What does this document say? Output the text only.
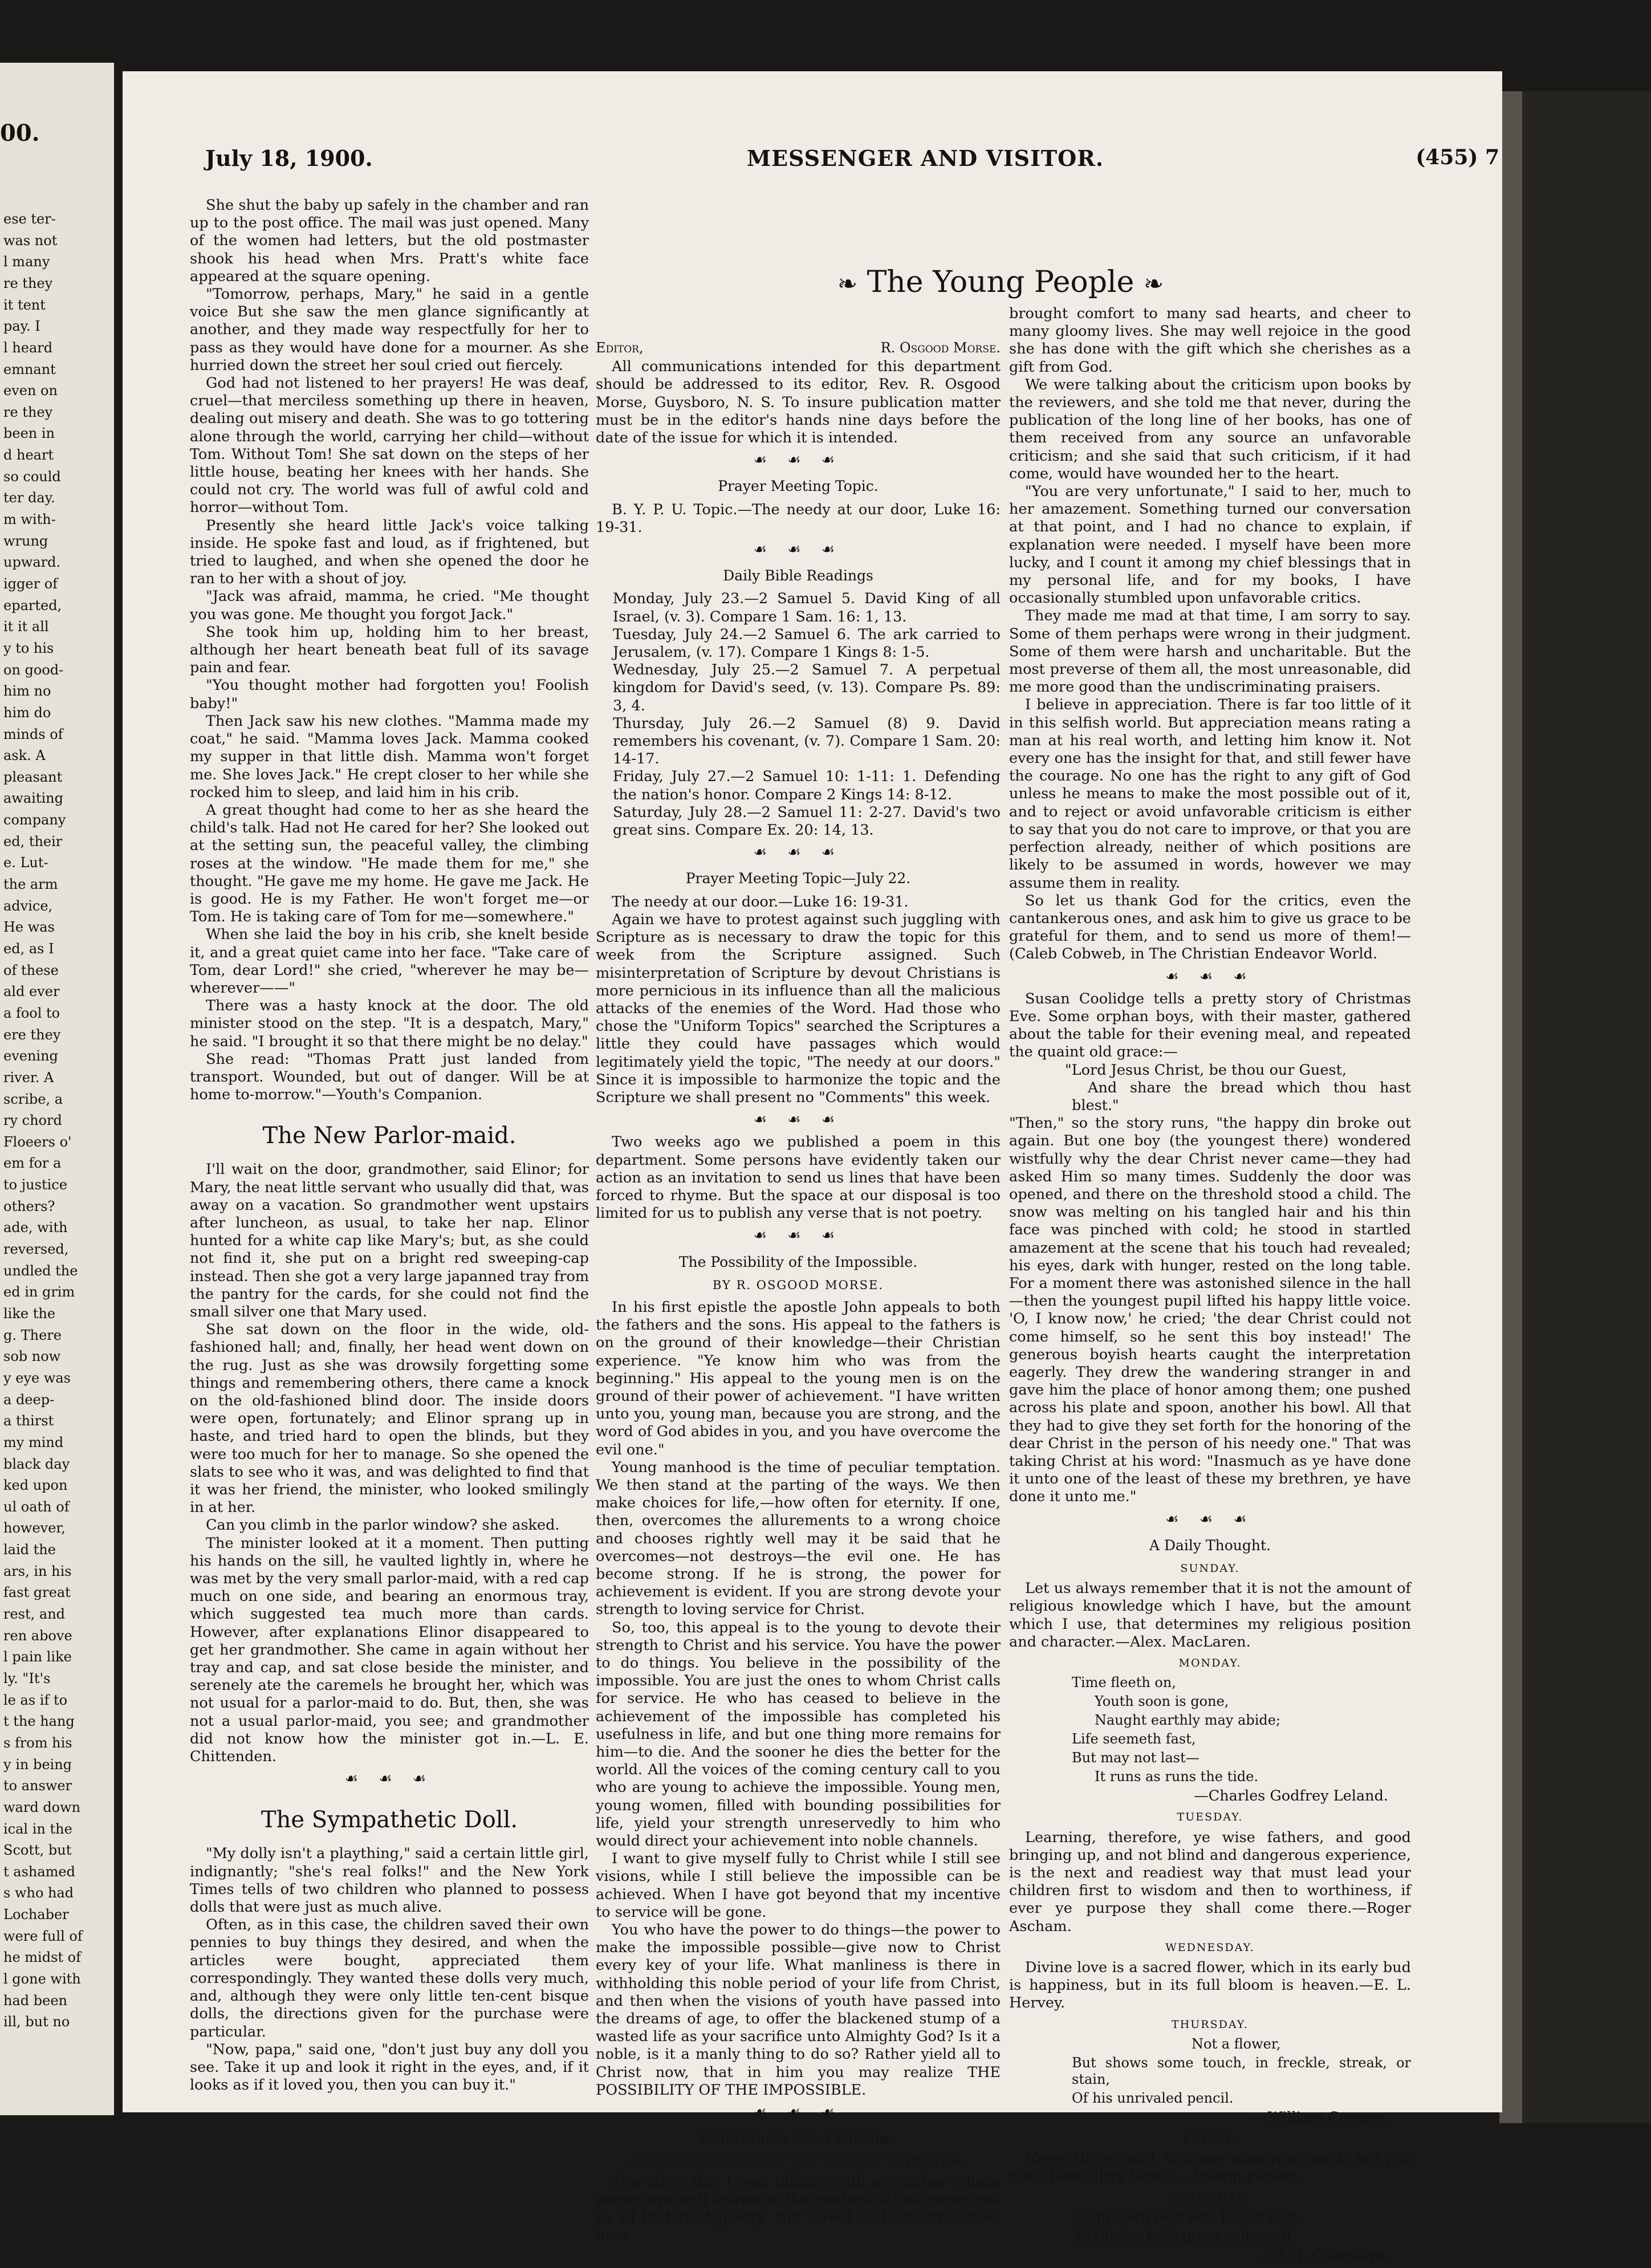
00.
ese ter-
was not
l many
re they
it tent
pay. I
l heard
emnant
even on
re they
been in
d heart
so could
ter day.
m with-
wrung
upward.
igger of
eparted,
it it all
y to his
on good-
him no
him do
minds of
ask. A
pleasant
awaiting
company
ed, their
e. Lut-
the arm
advice,
He was
ed, as I
of these
ald ever
a fool to
ere they
evening
river. A
scribe, a
ry chord
Floeers o'
em for a
to justice
others?
ade, with
reversed,
undled the
ed in grim
like the
g. There
sob now
y eye was
a deep-
a thirst
my mind
black day
ked upon
ul oath of
however,
laid the
ars, in his
fast great
rest, and
ren above
l pain like
ly. "It's
le as if to
t the hang
s from his
y in being
to answer
ward down
ical in the
Scott, but
t ashamed
s who had
Lochaber
were full of
he midst of
l gone with
had been
ill, but no
July 18, 1900.	MESSENGER AND VISITOR.	(455) 7
❧ The Young People ❧

She shut the baby up safely in the chamber and ran up to the post office. The mail was just opened. Many of the women had letters, but the old postmaster shook his head when Mrs. Pratt's white face appeared at the square opening.

"Tomorrow, perhaps, Mary," he said in a gentle voice But she saw the men glance significantly at another, and they made way respectfully for her to pass as they would have done for a mourner. As she hurried down the street her soul cried out fiercely.

God had not listened to her prayers! He was deaf, cruel—that merciless something up there in heaven, dealing out misery and death. She was to go tottering alone through the world, carrying her child—without Tom. Without Tom! She sat down on the steps of her little house, beating her knees with her hands. She could not cry. The world was full of awful cold and horror—without Tom.

Presently she heard little Jack's voice talking inside. He spoke fast and loud, as if frightened, but tried to laughed, and when she opened the door he ran to her with a shout of joy.

"Jack was afraid, mamma, he cried. "Me thought you was gone. Me thought you forgot Jack."

She took him up, holding him to her breast, although her heart beneath beat full of its savage pain and fear.

"You thought mother had forgotten you! Foolish baby!"

Then Jack saw his new clothes. "Mamma made my coat," he said. "Mamma loves Jack. Mamma cooked my supper in that little dish. Mamma won't forget me. She loves Jack." He crept closer to her while she rocked him to sleep, and laid him in his crib.

A great thought had come to her as she heard the child's talk. Had not He cared for her? She looked out at the setting sun, the peaceful valley, the climbing roses at the window. "He made them for me," she thought. "He gave me my home. He gave me Jack. He is good. He is my Father. He won't forget me—or Tom. He is taking care of Tom for me—somewhere."

When she laid the boy in his crib, she knelt beside it, and a great quiet came into her face. "Take care of Tom, dear Lord!" she cried, "wherever he may be—wherever——"

There was a hasty knock at the door. The old minister stood on the step. "It is a despatch, Mary," he said. "I brought it so that there might be no delay."

She read: "Thomas Pratt just landed from transport. Wounded, but out of danger. Will be at home to-morrow."—Youth's Companion.

The New Parlor-maid.

I'll wait on the door, grandmother, said Elinor; for Mary, the neat little servant who usually did that, was away on a vacation. So grandmother went upstairs after luncheon, as usual, to take her nap. Elinor hunted for a white cap like Mary's; but, as she could not find it, she put on a bright red sweeping-cap instead. Then she got a very large japanned tray from the pantry for the cards, for she could not find the small silver one that Mary used.

She sat down on the floor in the wide, old-fashioned hall; and, finally, her head went down on the rug. Just as she was drowsily forgetting some things and remembering others, there came a knock on the old-fashioned blind door. The inside doors were open, fortunately; and Elinor sprang up in haste, and tried hard to open the blinds, but they were too much for her to manage. So she opened the slats to see who it was, and was delighted to find that it was her friend, the minister, who looked smilingly in at her.

Can you climb in the parlor window? she asked.

The minister looked at it a moment. Then putting his hands on the sill, he vaulted lightly in, where he was met by the very small parlor-maid, with a red cap much on one side, and bearing an enormous tray, which suggested tea much more than cards. However, after explanations Elinor disappeared to get her grandmother. She came in again without her tray and cap, and sat close beside the minister, and serenely ate the caremels he brought her, which was not usual for a parlor-maid to do. But, then, she was not a usual parlor-maid, you see; and grandmother did not know how the minister got in.—L. E. Chittenden.

☙ ☙ ☙
The Sympathetic Doll.

"My dolly isn't a plaything," said a certain little girl, indignantly; "she's real folks!" and the New York Times tells of two children who planned to possess dolls that were just as much alive.

Often, as in this case, the children saved their own pennies to buy things they desired, and when the articles were bought, appreciated them correspondingly. They wanted these dolls very much, and, although they were only little ten-cent bisque dolls, the directions given for the purchase were particular.

"Now, papa," said one, "don't just buy any doll you see. Take it up and look it right in the eyes, and, if it looks as if it loved you, then you can buy it."

Editor,	R. Osgood Morse.

All communications intended for this department should be addressed to its editor, Rev. R. Osgood Morse, Guysboro, N. S. To insure publication matter must be in the editor's hands nine days before the date of the issue for which it is intended.

☙ ☙ ☙
Prayer Meeting Topic.

B. Y. P. U. Topic.—The needy at our door, Luke 16: 19-31.

☙ ☙ ☙
Daily Bible Readings

Monday, July 23.—2 Samuel 5. David King of all Israel, (v. 3). Compare 1 Sam. 16: 1, 13.

Tuesday, July 24.—2 Samuel 6. The ark carried to Jerusalem, (v. 17). Compare 1 Kings 8: 1-5.

Wednesday, July 25.—2 Samuel 7. A perpetual kingdom for David's seed, (v. 13). Compare Ps. 89: 3, 4.

Thursday, July 26.—2 Samuel (8) 9. David remembers his covenant, (v. 7). Compare 1 Sam. 20: 14-17.

Friday, July 27.—2 Samuel 10: 1-11: 1. Defending the nation's honor. Compare 2 Kings 14: 8-12.

Saturday, July 28.—2 Samuel 11: 2-27. David's two great sins. Compare Ex. 20: 14, 13.

☙ ☙ ☙
Prayer Meeting Topic—July 22.

The needy at our door.—Luke 16: 19-31.

Again we have to protest against such juggling with Scripture as is necessary to draw the topic for this week from the Scripture assigned. Such misinterpretation of Scripture by devout Christians is more pernicious in its influence than all the malicious attacks of the enemies of the Word. Had those who chose the "Uniform Topics" searched the Scriptures a little they could have passages which would legitimately yield the topic, "The needy at our doors." Since it is impossible to harmonize the topic and the Scripture we shall present no "Comments" this week.

☙ ☙ ☙

Two weeks ago we published a poem in this department. Some persons have evidently taken our action as an invitation to send us lines that have been forced to rhyme. But the space at our disposal is too limited for us to publish any verse that is not poetry.

☙ ☙ ☙
The Possibility of the Impossible.
BY R. OSGOOD MORSE.

In his first epistle the apostle John appeals to both the fathers and the sons. His appeal to the fathers is on the ground of their knowledge—their Christian experience. "Ye know him who was from the beginning." His appeal to the young men is on the ground of their power of achievement. "I have written unto you, young man, because you are strong, and the word of God abides in you, and you have overcome the evil one."

Young manhood is the time of peculiar temptation. We then stand at the parting of the ways. We then make choices for life,—how often for eternity. If one, then, overcomes the allurements to a wrong choice and chooses rightly well may it be said that he overcomes—not destroys—the evil one. He has become strong. If he is strong, the power for achievement is evident. If you are strong devote your strength to loving service for Christ.

So, too, this appeal is to the young to devote their strength to Christ and his service. You have the power to do things. You believe in the possibility of the impossible. You are just the ones to whom Christ calls for service. He who has ceased to believe in the achievement of the impossible has completed his usefulness in life, and but one thing more remains for him—to die. And the sooner he dies the better for the world. All the voices of the coming century call to you who are young to achieve the impossible. Young men, young women, filled with bounding possibilities for life, yield your strength unreservedly to him who would direct your achievement into noble channels.

I want to give myself fully to Christ while I still see visions, while I still believe the impossible can be achieved. When I have got beyond that my incentive to service will be gone.

You who have the power to do things—the power to make the impossible possible—give now to Christ every key of your life. What manliness is there in withholding this noble period of your life from Christ, and then when the visions of youth have passed into the dreams of age, to offer the blackened stump of a wasted life as your sacrifice unto Almighty God? Is it a noble, is it a manly thing to do so? Rather yield all to Christ now, that in him you may realize THE POSSIBILITY OF THE IMPOSSIBLE.

☙ ☙ ☙
Unfortunate Good Fortune.
CALEB MORALIZES ON THE USES OF CRITICISM.

The other day I was talking with an author whose poems are well known to the readers of this paper and to all that read poetry. Her sweet and sincere verses have

brought comfort to many sad hearts, and cheer to many gloomy lives. She may well rejoice in the good she has done with the gift which she cherishes as a gift from God.

We were talking about the criticism upon books by the reviewers, and she told me that never, during the publication of the long line of her books, has one of them received from any source an unfavorable criticism; and she said that such criticism, if it had come, would have wounded her to the heart.

"You are very unfortunate," I said to her, much to her amazement. Something turned our conversation at that point, and I had no chance to explain, if explanation were needed. I myself have been more lucky, and I count it among my chief blessings that in my personal life, and for my books, I have occasionally stumbled upon unfavorable critics.

They made me mad at that time, I am sorry to say. Some of them perhaps were wrong in their judgment. Some of them were harsh and uncharitable. But the most preverse of them all, the most unreasonable, did me more good than the undiscriminating praisers.

I believe in appreciation. There is far too little of it in this selfish world. But appreciation means rating a man at his real worth, and letting him know it. Not every one has the insight for that, and still fewer have the courage. No one has the right to any gift of God unless he means to make the most possible out of it, and to reject or avoid unfavorable criticism is either to say that you do not care to improve, or that you are perfection already, neither of which positions are likely to be assumed in words, however we may assume them in reality.

So let us thank God for the critics, even the cantankerous ones, and ask him to give us grace to be grateful for them, and to send us more of them!—(Caleb Cobweb, in The Christian Endeavor World.

☙ ☙ ☙

Susan Coolidge tells a pretty story of Christmas Eve. Some orphan boys, with their master, gathered about the table for their evening meal, and repeated the quaint old grace:—

"Lord Jesus Christ, be thou our Guest,

And share the bread which thou hast blest."

"Then," so the story runs, "the happy din broke out again. But one boy (the youngest there) wondered wistfully why the dear Christ never came—they had asked Him so many times. Suddenly the door was opened, and there on the threshold stood a child. The snow was melting on his tangled hair and his thin face was pinched with cold; he stood in startled amazement at the scene that his touch had revealed; his eyes, dark with hunger, rested on the long table. For a moment there was astonished silence in the hall—then the youngest pupil lifted his happy little voice. 'O, I know now,' he cried; 'the dear Christ could not come himself, so he sent this boy instead!' The generous boyish hearts caught the interpretation eagerly. They drew the wandering stranger in and gave him the place of honor among them; one pushed across his plate and spoon, another his bowl. All that they had to give they set forth for the honoring of the dear Christ in the person of his needy one." That was taking Christ at his word: "Inasmuch as ye have done it unto one of the least of these my brethren, ye have done it unto me."

☙ ☙ ☙
A Daily Thought.
SUNDAY.

Let us always remember that it is not the amount of religious knowledge which I have, but the amount which I use, that determines my religious position and character.—Alex. MacLaren.

MONDAY.
Time fleeth on,
Youth soon is gone,
Naught earthly may abide;
Life seemeth fast,
But may not last—
It runs as runs the tide.
—Charles Godfrey Leland.
TUESDAY.

Learning, therefore, ye wise fathers, and good bringing up, and not blind and dangerous experience, is the next and readiest way that must lead your children first to wisdom and then to worthiness, if ever ye purpose they shall come there.—Roger Ascham.

WEDNESDAY.

Divine love is a sacred flower, which in its early bud is happiness, but in its full bloom is heaven.—E. L. Hervey.

THURSDAY.
Not a flower,
But shows some touch, in freckle, streak, or stain,
Of his unrivaled pencil.
—William Cowper.
FRIDAY.

Never throw mud. You may miss your mark; but you must have dirty hands.—Joseph Parker.

SATURDAY.
He prayeth best who loveth best
All things, both great and small.
—S. T. Coleridge.
